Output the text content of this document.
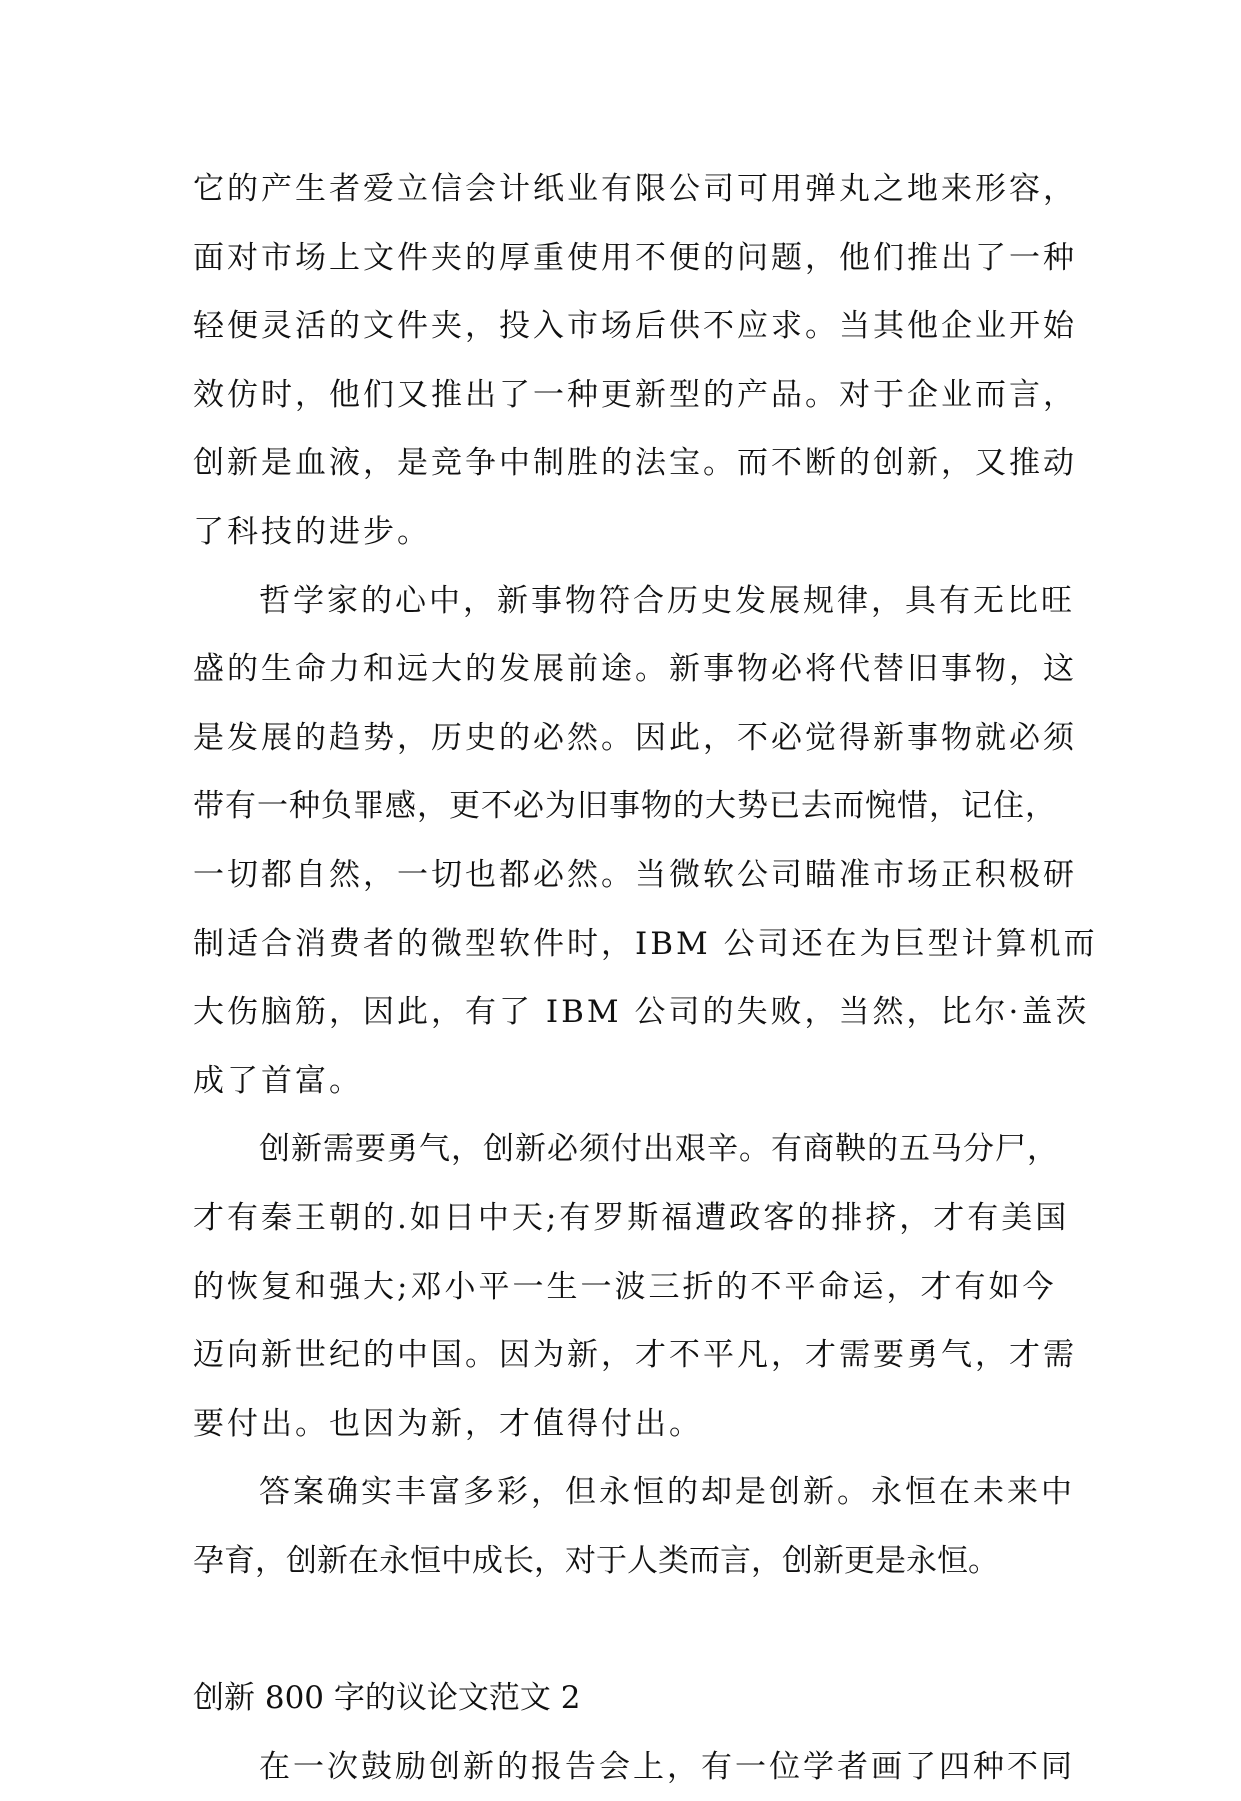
它的产生者爱立信会计纸业有限公司可用弹丸之地来形容，
面对市场上文件夹的厚重使用不便的问题，他们推出了一种
轻便灵活的文件夹，投入市场后供不应求。当其他企业开始
效仿时，他们又推出了一种更新型的产品。对于企业而言，
创新是血液，是竞争中制胜的法宝。而不断的创新，又推动
了科技的进步。
哲学家的心中，新事物符合历史发展规律，具有无比旺
盛的生命力和远大的发展前途。新事物必将代替旧事物，这
是发展的趋势，历史的必然。因此，不必觉得新事物就必须
带有一种负罪感，更不必为旧事物的大势已去而惋惜，记住，
一切都自然，一切也都必然。当微软公司瞄准市场正积极研
制适合消费者的微型软件时，IBM 公司还在为巨型计算机而
大伤脑筋，因此，有了 IBM 公司的失败，当然，比尔·盖茨
成了首富。
创新需要勇气，创新必须付出艰辛。有商鞅的五马分尸，
才有秦王朝的.如日中天;有罗斯福遭政客的排挤，才有美国
的恢复和强大;邓小平一生一波三折的不平命运，才有如今
迈向新世纪的中国。因为新，才不平凡，才需要勇气，才需
要付出。也因为新，才值得付出。
答案确实丰富多彩，但永恒的却是创新。永恒在未来中
孕育，创新在永恒中成长，对于人类而言，创新更是永恒。
创新 800 字的议论文范文 2
在一次鼓励创新的报告会上，有一位学者画了四种不同
